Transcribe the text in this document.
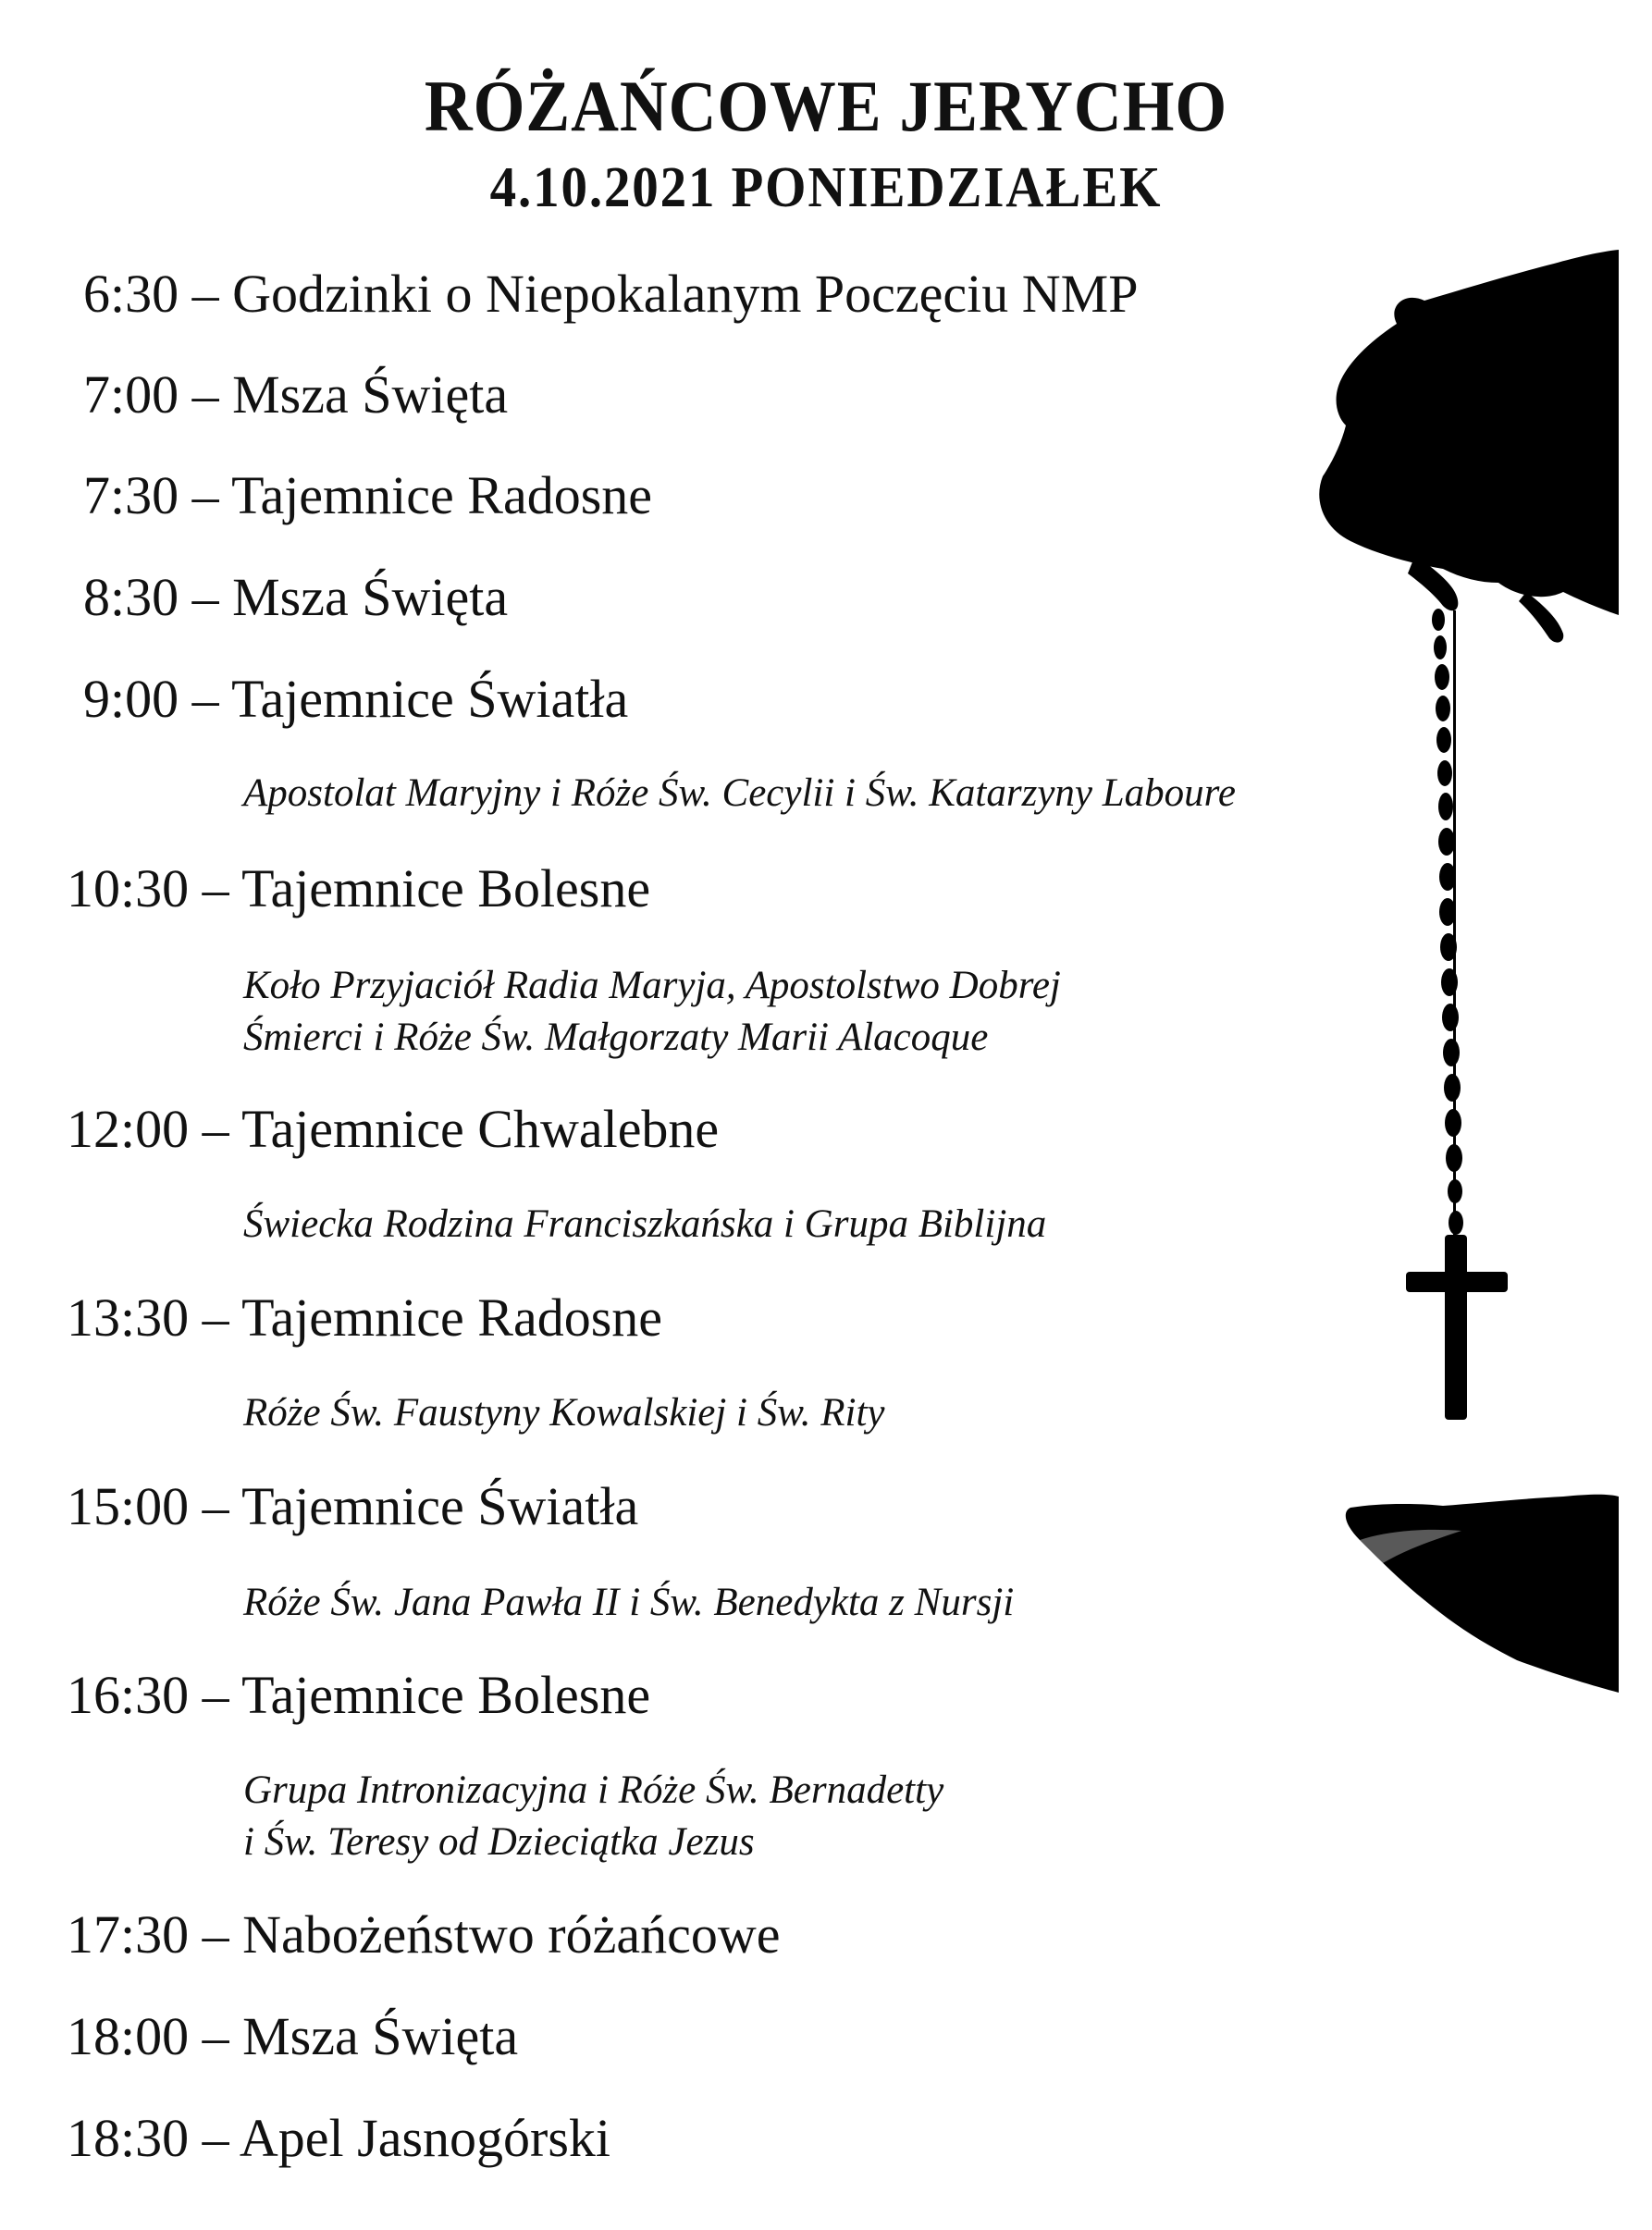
RÓŻAŃCOWE JERYCHO
4.10.2021 PONIEDZIAŁEK
6:30 – Godzinki o Niepokalanym Poczęciu NMP
7:00 – Msza Święta
7:30 – Tajemnice Radosne
8:30 – Msza Święta
9:00 – Tajemnice Światła
Apostolat Maryjny i Róże Św. Cecylii i Św. Katarzyny Laboure
10:30 – Tajemnice Bolesne
Koło Przyjaciół Radia Maryja, Apostolstwo Dobrej
Śmierci i Róże Św. Małgorzaty Marii Alacoque
12:00 – Tajemnice Chwalebne
Świecka Rodzina Franciszkańska i Grupa Biblijna
13:30 – Tajemnice Radosne
Róże Św. Faustyny Kowalskiej i Św. Rity
15:00 – Tajemnice Światła
Róże Św. Jana Pawła II i Św. Benedykta z Nursji
16:30 – Tajemnice Bolesne
Grupa Intronizacyjna i Róże Św. Bernadetty
i Św. Teresy od Dzieciątka Jezus
17:30 – Nabożeństwo różańcowe
18:00 – Msza Święta
18:30 – Apel Jasnogórski
